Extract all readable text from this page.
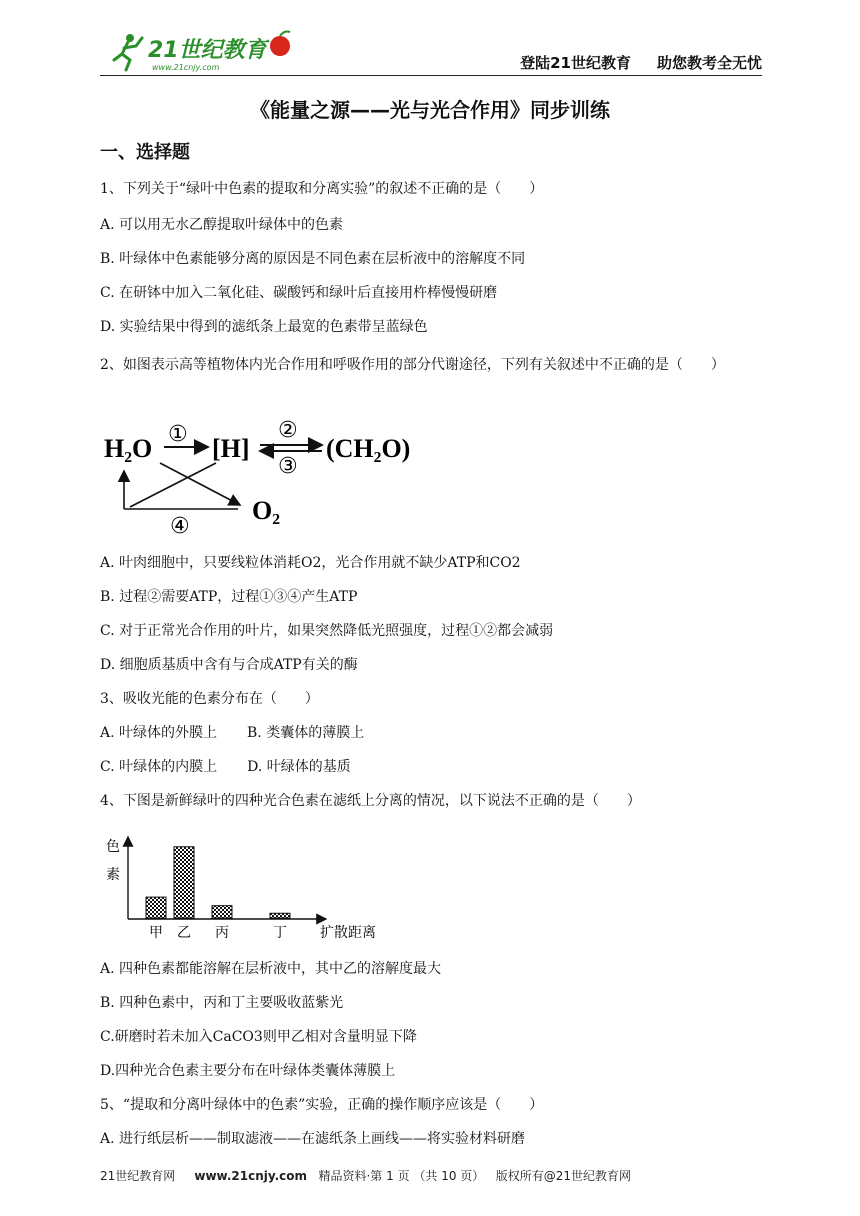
21世纪教育
www.21cnjy.com	登陆21世纪教育 助您教考全无忧
《能量之源——光与光合作用》同步训练
一、选择题
1、下列关于“绿叶中色素的提取和分离实验”的叙述不正确的是（　　）
A. 可以用无水乙醇提取叶绿体中的色素
B. 叶绿体中色素能够分离的原因是不同色素在层析液中的溶解度不同
C. 在研钵中加入二氧化硅、碳酸钙和绿叶后直接用杵棒慢慢研磨
D. 实验结果中得到的滤纸条上最宽的色素带呈蓝绿色
2、如图表示高等植物体内光合作用和呼吸作用的部分代谢途径，下列有关叙述中不正确的是（　　）
H₂O ① [H]
②
③
(CH₂O)
④
O₂
A. 叶肉细胞中，只要线粒体消耗O2，光合作用就不缺少ATP和CO2
B. 过程②需要ATP，过程①③④产生ATP
C. 对于正常光合作用的叶片，如果突然降低光照强度，过程①②都会减弱
D. 细胞质基质中含有与合成ATP有关的酶
3、吸收光能的色素分布在（　　）
A. 叶绿体的外膜上 B. 类囊体的薄膜上
C. 叶绿体的内膜上 D. 叶绿体的基质
4、下图是新鲜绿叶的四种光合色素在滤纸上分离的情况，以下说法不正确的是（　　）
色
素
甲 乙 丙	丁 扩散距离
A. 四种色素都能溶解在层析液中，其中乙的溶解度最大
B. 四种色素中，丙和丁主要吸收蓝紫光
C.研磨时若未加入CaCO3则甲乙相对含量明显下降
D.四种光合色素主要分布在叶绿体类囊体薄膜上
5、“提取和分离叶绿体中的色素”实验，正确的操作顺序应该是（　　）
A. 进行纸层析——制取滤液——在滤纸条上画线——将实验材料研磨
21世纪教育网 www.21cnjy.com 精品资料·第 1 页 （共 10 页） 版权所有@21世纪教育网
